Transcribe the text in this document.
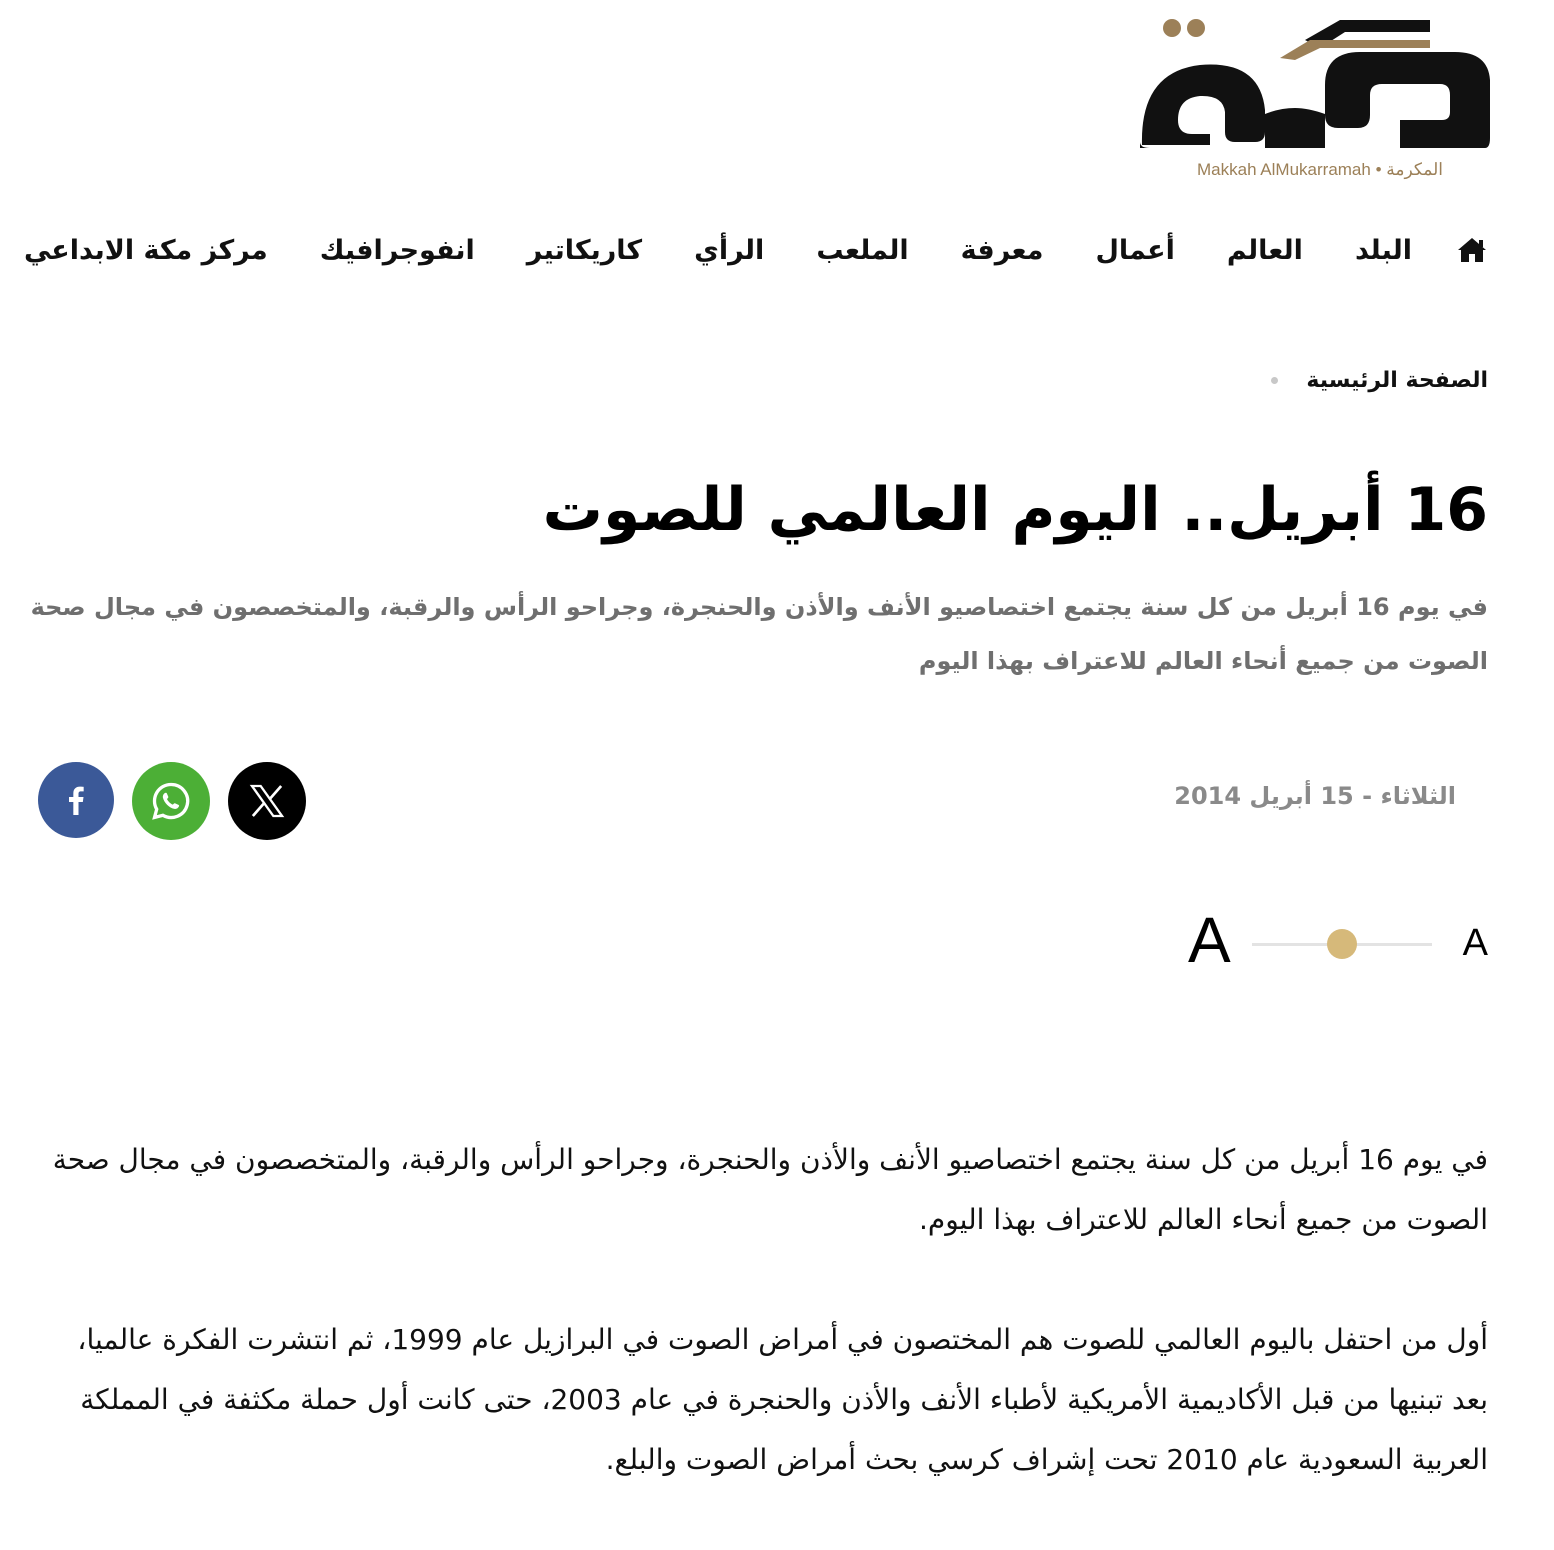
Makkah AlMukarramah • المكرمة
البلد
العالم
أعمال
معرفة
الملعب
الرأي
كاريكاتير
انفوجرافيك
مركز مكة الابداعي
الصفحة الرئيسية
16 أبريل.. اليوم العالمي للصوت

في يوم 16 أبريل من كل سنة يجتمع اختصاصيو الأنف والأذن والحنجرة، وجراحو الرأس والرقبة، والمتخصصون في مجال صحة الصوت من جميع أنحاء العالم للاعتراف بهذا اليوم

الثلاثاء - 15 أبريل 2014
A	A

في يوم 16 أبريل من كل سنة يجتمع اختصاصيو الأنف والأذن والحنجرة، وجراحو الرأس والرقبة، والمتخصصون في مجال صحة الصوت من جميع أنحاء العالم للاعتراف بهذا اليوم.

أول من احتفل باليوم العالمي للصوت هم المختصون في أمراض الصوت في البرازيل عام 1999، ثم انتشرت الفكرة عالميا، بعد تبنيها من قبل الأكاديمية الأمريكية لأطباء الأنف والأذن والحنجرة في عام 2003، حتى كانت أول حملة مكثفة في المملكة العربية السعودية عام 2010 تحت إشراف كرسي بحث أمراض الصوت والبلع.
